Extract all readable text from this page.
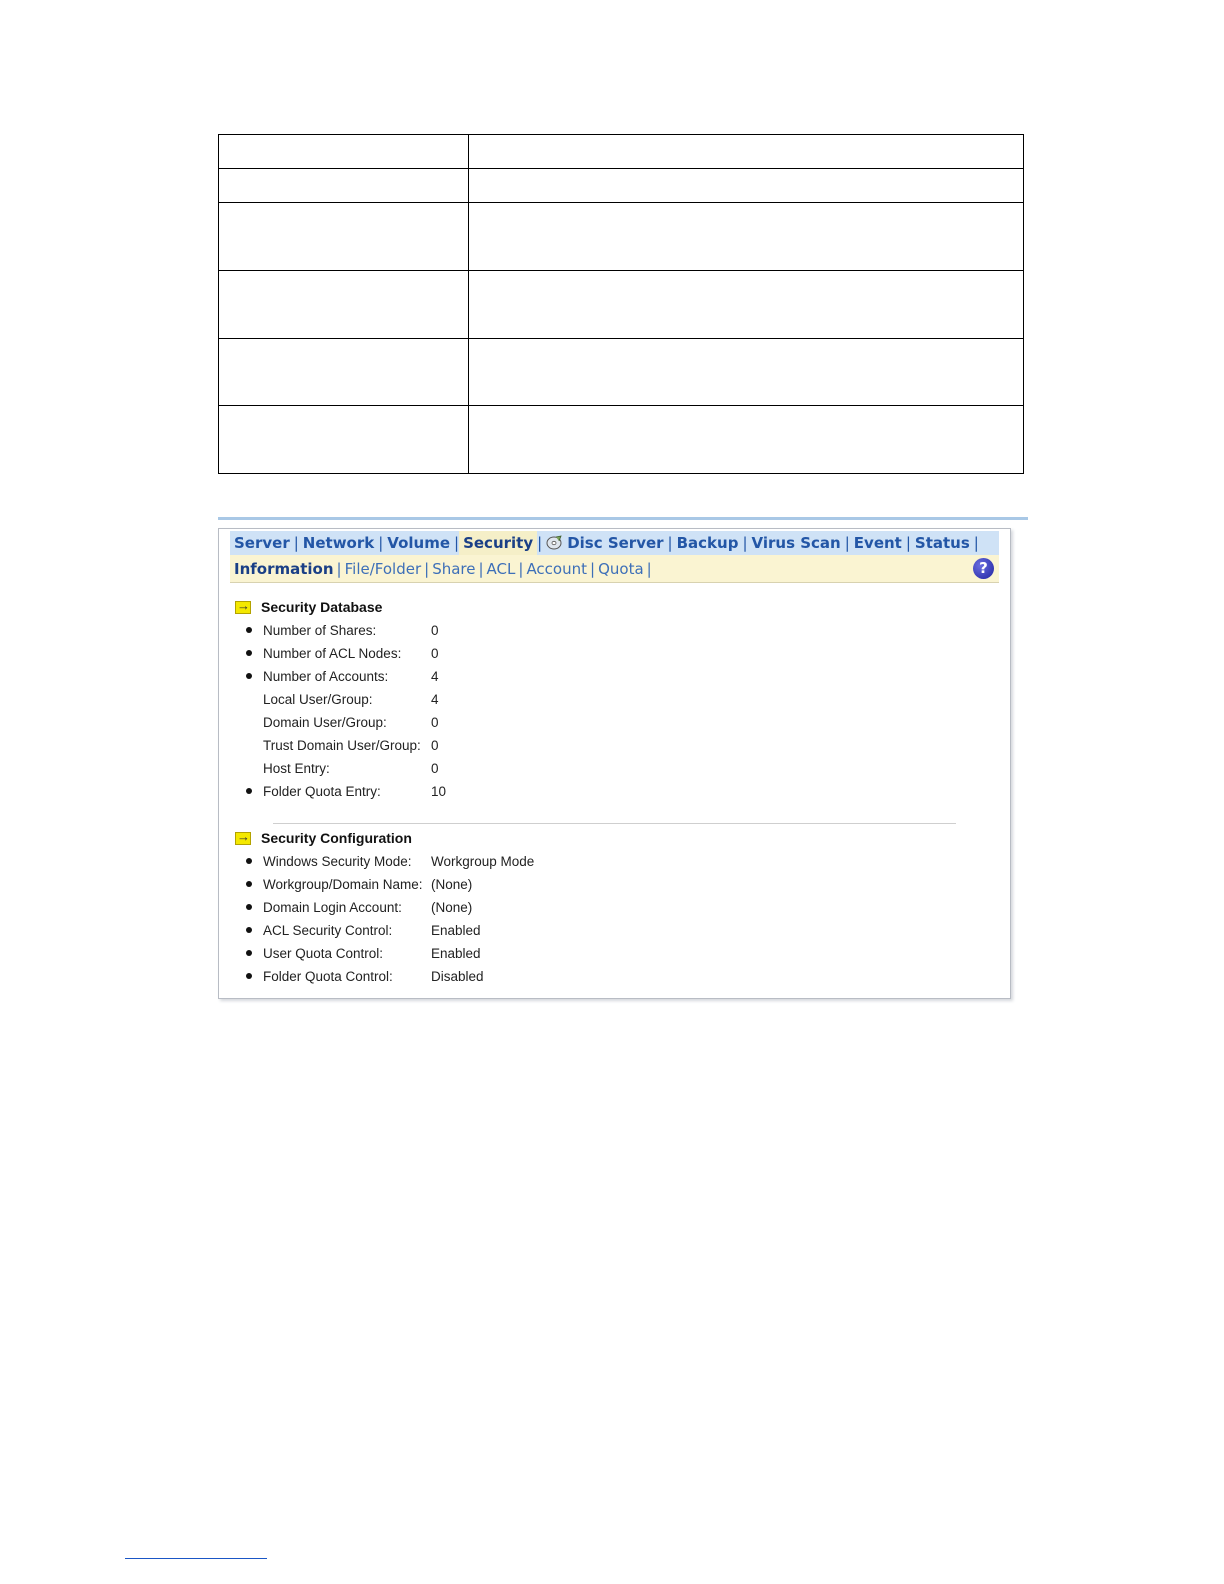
Server | Network | Volume | Security |	Disc Server | Backup | Virus Scan | Event | Status |
Information | File/Folder | Share | ACL | Account | Quota |	?
→
Security Database
Number of Shares:	0
Number of ACL Nodes:	0
Number of Accounts:	4
Local User/Group:	4
Domain User/Group:	0
Trust Domain User/Group: 0
Host Entry:	0
Folder Quota Entry:	10
→
Security Configuration
Windows Security Mode:	Workgroup Mode
Workgroup/Domain Name: (None)
Domain Login Account:	(None)
ACL Security Control:	Enabled
User Quota Control:	Enabled
Folder Quota Control:	Disabled
